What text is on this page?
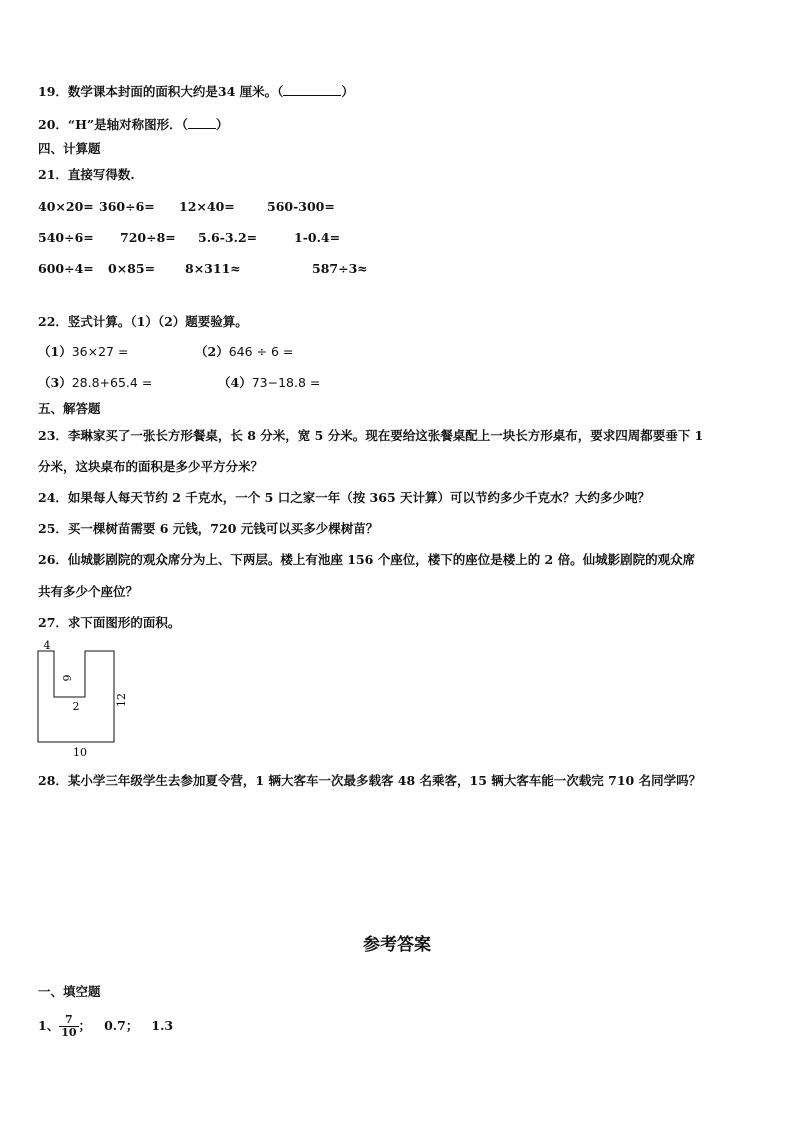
19．数学课本封面的面积大约是34 厘米。（	）
20．“H”是轴对称图形．（ ）
四、计算题
21．直接写得数.
40×20= 360÷6= 12×40=	560-300=
540÷6= 720÷8= 5.6-3.2=	1-0.4=
600÷4= 0×85= 8×311≈	587÷3≈
22．竖式计算。（1）（2）题要验算。
（1）36×27 =	（2）646 ÷ 6 =
（3）28.8+65.4 =	（4）73−18.8 =
五、解答题
23．李琳家买了一张长方形餐桌，长 8 分米，宽 5 分米。现在要给这张餐桌配上一块长方形桌布，要求四周都要垂下 1
分米，这块桌布的面积是多少平方分米？
24．如果每人每天节约 2 千克水，一个 5 口之家一年（按 365 天计算）可以节约多少千克水？大约多少吨？
25．买一棵树苗需要 6 元钱，720 元钱可以买多少棵树苗？
26．仙城影剧院的观众席分为上、下两层。楼上有池座 156 个座位，楼下的座位是楼上的 2 倍。仙城影剧院的观众席
共有多少个座位？
27．求下面图形的面积。
4
6
2	12
10
28．某小学三年级学生去参加夏令营，1 辆大客车一次最多载客 48 名乘客，15 辆大客车能一次载完 710 名同学吗？
参考答案
一、填空题
1、 $\frac{7}{10}$ ；   0.7；   1.3
